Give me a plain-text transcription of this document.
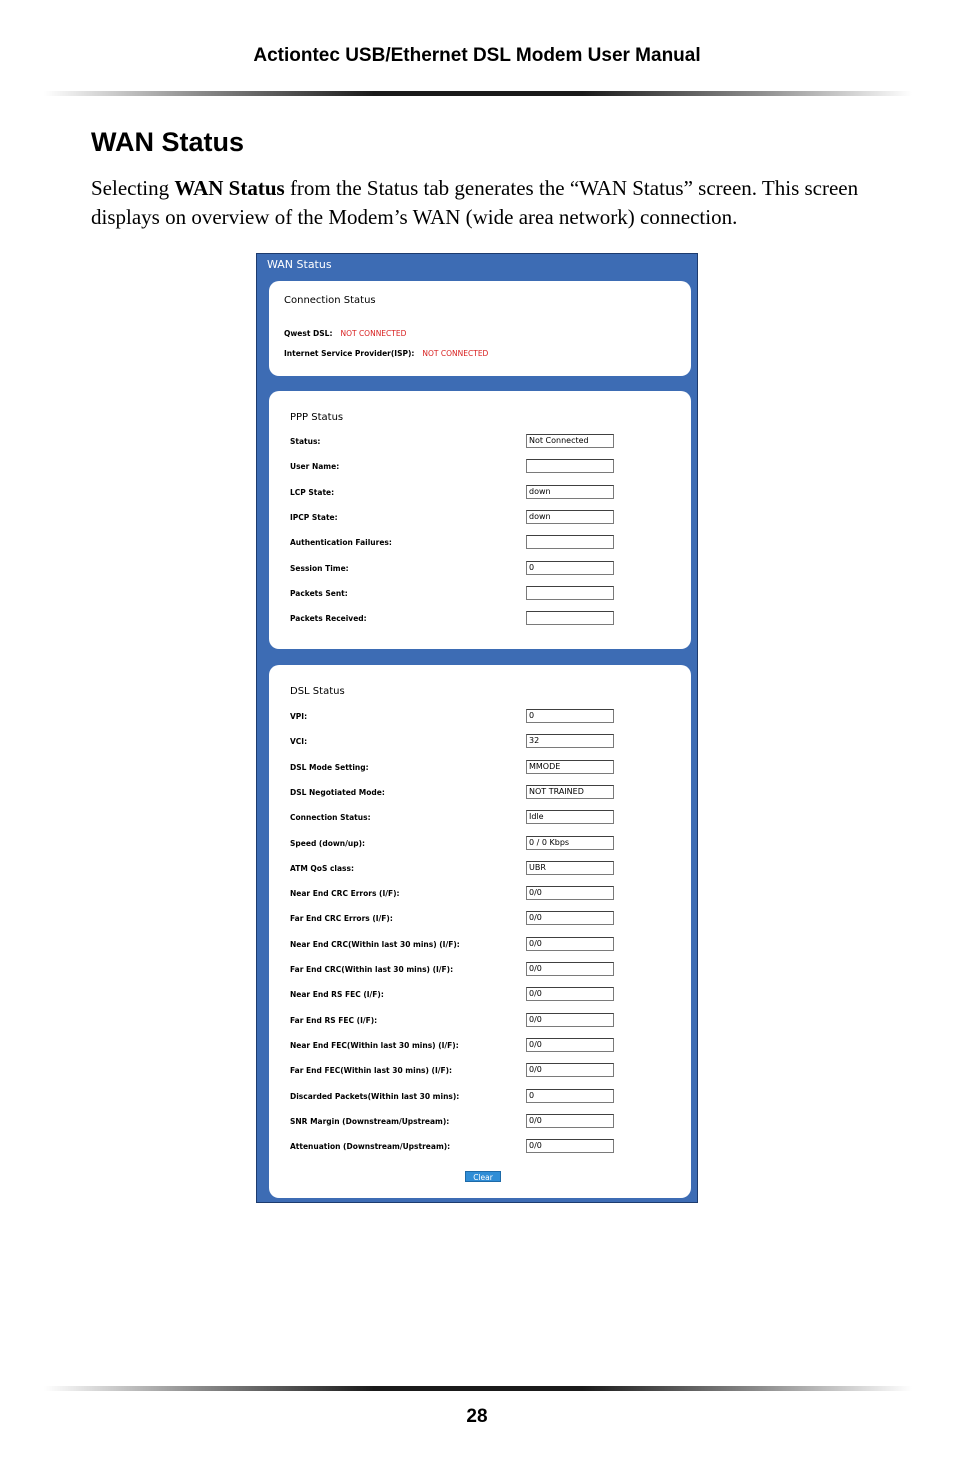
Actiontec USB/Ethernet DSL Modem User Manual
WAN Status
Selecting WAN Status from the Status tab generates the “WAN Status” screen. This screen displays on overview of the Modem’s WAN (wide area network) connection.
WAN Status
Connection Status
Qwest DSL: NOT CONNECTED
Internet Service Provider(ISP): NOT CONNECTED
PPP Status
Status:	Not Connected
User Name:
LCP State:	down
IPCP State:	down
Authentication Failures:
Session Time:	0
Packets Sent:
Packets Received:
DSL Status
VPI:	0
VCI:	32
DSL Mode Setting:	MMODE
DSL Negotiated Mode:	NOT TRAINED
Connection Status:	Idle
Speed (down/up):	0 / 0 Kbps
ATM QoS class:	UBR
Near End CRC Errors (I/F):	0/0
Far End CRC Errors (I/F):	0/0
Near End CRC(Within last 30 mins) (I/F):	0/0
Far End CRC(Within last 30 mins) (I/F):	0/0
Near End RS FEC (I/F):	0/0
Far End RS FEC (I/F):	0/0
Near End FEC(Within last 30 mins) (I/F):	0/0
Far End FEC(Within last 30 mins) (I/F):	0/0
Discarded Packets(Within last 30 mins):	0
SNR Margin (Downstream/Upstream):	0/0
Attenuation (Downstream/Upstream):	0/0
Clear
28
